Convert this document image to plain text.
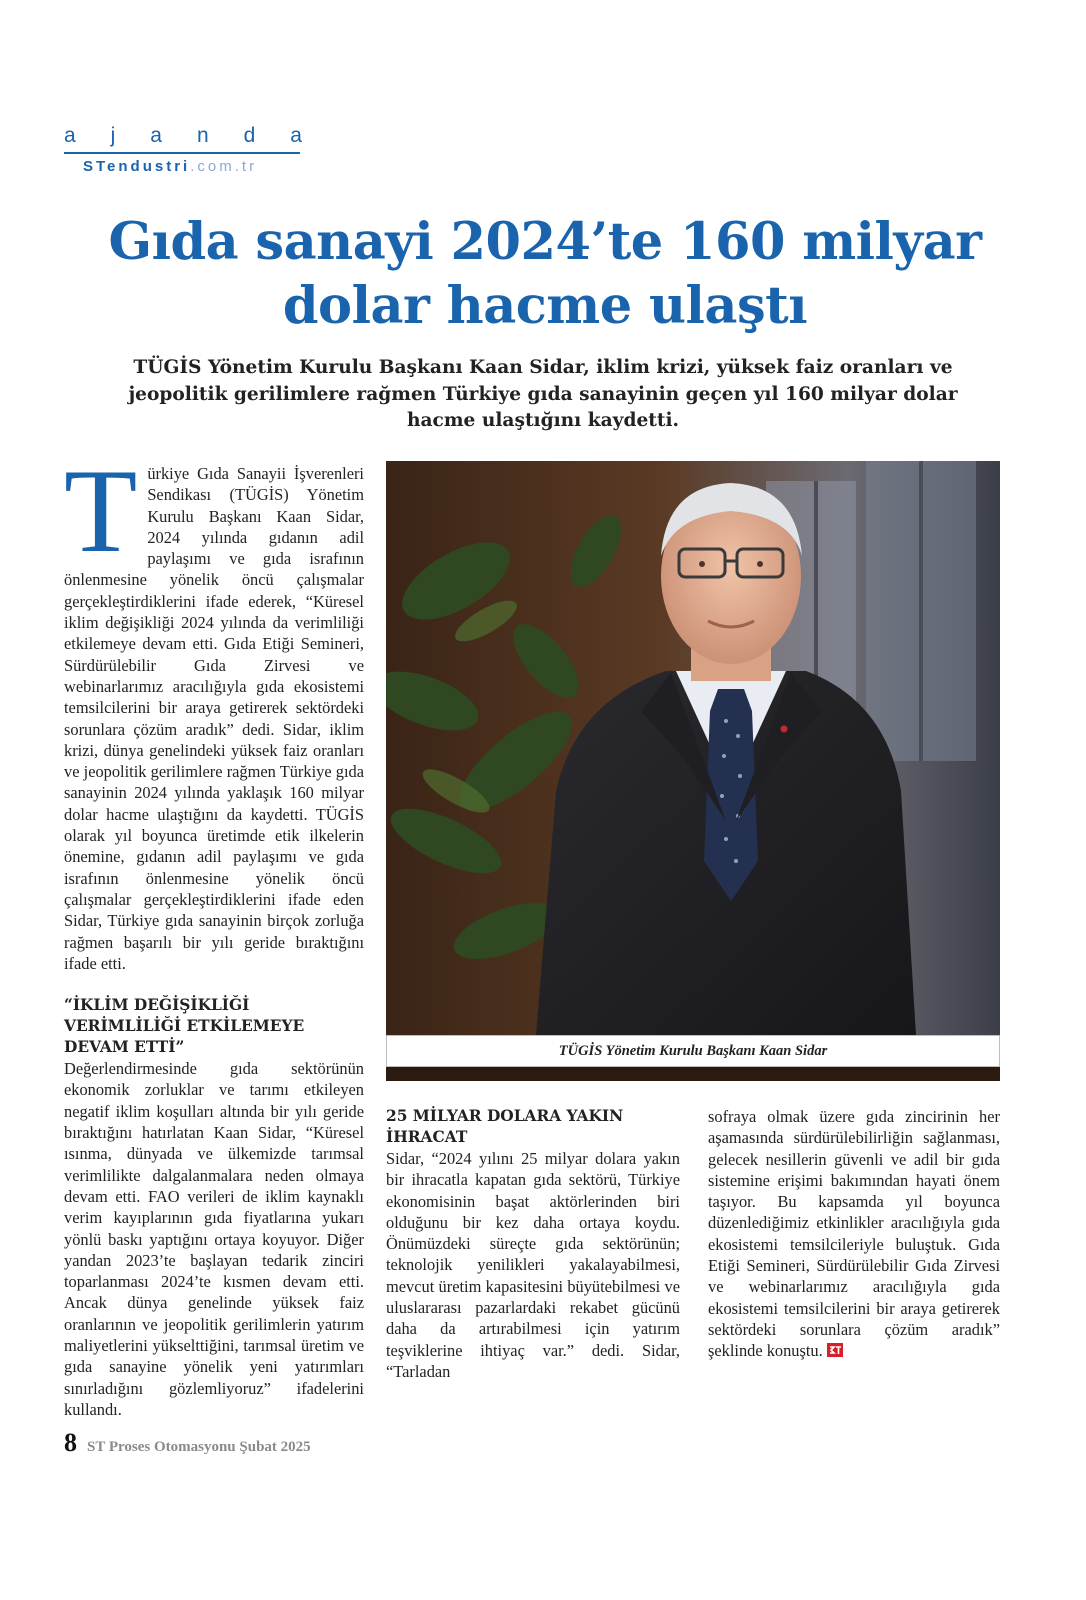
a j a n d a
STendustri.com.tr
Gıda sanayi 2024’te 160 milyar dolar hacme ulaştı

TÜGİS Yönetim Kurulu Başkanı Kaan Sidar, iklim krizi, yüksek faiz oranları ve jeopolitik gerilimlere rağmen Türkiye gıda sanayinin geçen yıl 160 milyar dolar hacme ulaştığını kaydetti.

Türkiye Gıda Sanayii İşverenleri Sendikası (TÜGİS) Yönetim Kurulu Başkanı Kaan Sidar, 2024 yılında gıdanın adil paylaşımı ve gıda israfının önlenmesine yönelik öncü çalışmalar gerçekleştirdiklerini ifade ederek, “Küresel iklim değişikliği 2024 yılında da verimliliği etkilemeye devam etti. Gıda Etiği Semineri, Sürdürülebilir Gıda Zirvesi ve webinarlarımız aracılığıyla gıda ekosistemi temsilcilerini bir araya getirerek sektördeki sorunlara çözüm aradık” dedi. Sidar, iklim krizi, dünya genelindeki yüksek faiz oranları ve jeopolitik gerilimlere rağmen Türkiye gıda sanayinin 2024 yılında yaklaşık 160 milyar dolar hacme ulaştığını da kaydetti. TÜGİS olarak yıl boyunca üretimde etik ilkelerin önemine, gıdanın adil paylaşımı ve gıda israfının önlenmesine yönelik öncü çalışmalar gerçekleştirdiklerini ifade eden Sidar, Türkiye gıda sanayinin birçok zorluğa rağmen başarılı bir yılı geride bıraktığını ifade etti.

“İKLİM DEĞİŞİKLİĞİ VERİMLİLİĞİ ETKİLEMEYE DEVAM ETTİ”

Değerlendirmesinde gıda sektörünün ekonomik zorluklar ve tarımı etkileyen negatif iklim koşulları altında bir yılı geride bıraktığını hatırlatan Kaan Sidar, “Küresel ısınma, dünyada ve ülkemizde tarımsal verimlilikte dalgalanmalara neden olmaya devam etti. FAO verileri de iklim kaynaklı verim kayıplarının gıda fiyatlarına yukarı yönlü baskı yaptığını ortaya koyuyor. Diğer yandan 2023’te başlayan tedarik zinciri toparlanması 2024’te kısmen devam etti. Ancak dünya genelinde yüksek faiz oranlarının ve jeopolitik gerilimlerin yatırım maliyetlerini yükselttiğini, tarımsal üretim ve gıda sanayine yönelik yeni yatırımları sınırladığını gözlemliyoruz” ifadelerini kullandı.

TÜGİS Yönetim Kurulu Başkanı Kaan Sidar
25 MİLYAR DOLARA YAKIN İHRACAT

Sidar, “2024 yılını 25 milyar dolara yakın bir ihracatla kapatan gıda sektörü, Türkiye ekonomisinin başat aktörlerinden biri olduğunu bir kez daha ortaya koydu. Önümüzdeki süreçte gıda sektörünün; teknolojik yenilikleri yakalayabilmesi, mevcut üretim kapasitesini büyütebilmesi ve uluslararası pazarlardaki rekabet gücünü daha da artırabilmesi için yatırım teşviklerine ihtiyaç var.” dedi. Sidar, “Tarladan

sofraya olmak üzere gıda zincirinin her aşamasında sürdürülebilirliğin sağlanması, gelecek nesillerin güvenli ve adil bir gıda sistemine erişimi bakımından hayati önem taşıyor. Bu kapsamda yıl boyunca düzenlediğimiz etkinlikler aracılığıyla gıda ekosistemi temsilcileriyle buluştuk. Gıda Etiği Semineri, Sürdürülebilir Gıda Zirvesi ve webinarlarımız aracılığıyla gıda ekosistemi temsilcilerini bir araya getirerek sektördeki sorunlara çözüm aradık” şeklinde konuştu.

8 ST Proses Otomasyonu Şubat 2025
